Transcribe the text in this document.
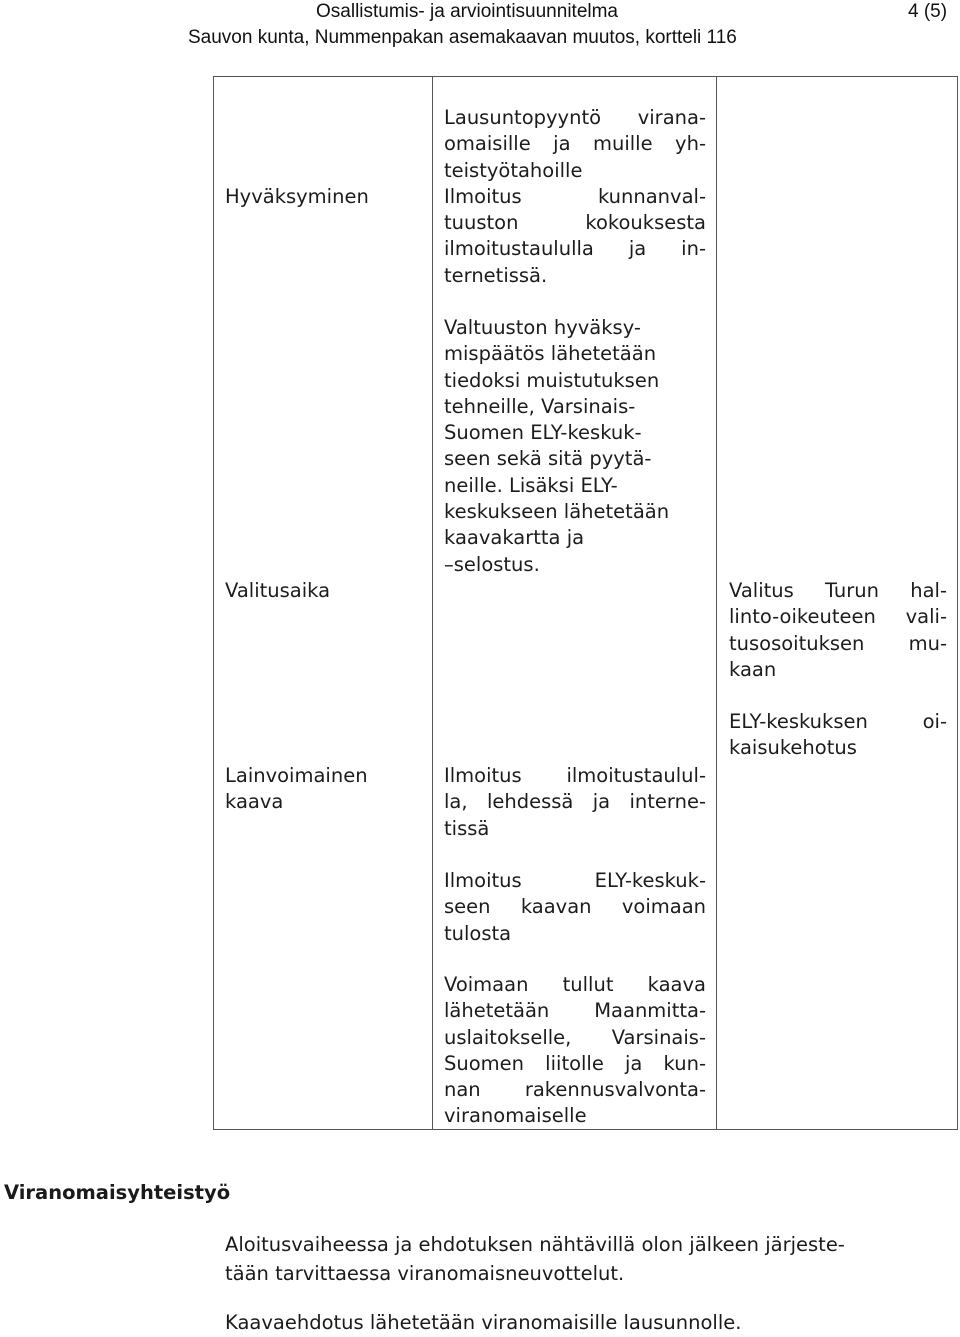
Osallistumis- ja arviointisuunnitelma
Sauvon kunta, Nummenpakan asemakaavan muutos, kortteli 116
4 (5)
Hyväksyminen
Valitusaika
Lainvoimainen
kaava
Lausuntopyyntö virana-
omaisille ja muille yh-
teistyötahoille
Ilmoitus kunnanval-
tuuston kokouksesta
ilmoitustaululla ja in-
ternetissä.
Valtuuston hyväksy-
mispäätös lähetetään
tiedoksi muistutuksen
tehneille, Varsinais-
Suomen ELY-keskuk-
seen sekä sitä pyytä-
neille. Lisäksi ELY-
keskukseen lähetetään
kaavakartta ja
–selostus.
Valitus Turun hal-
linto-oikeuteen vali-
tusosoituksen mu-
kaan
ELY-keskuksen oi-
kaisukehotus
Ilmoitus ilmoitustaulul-
la, lehdessä ja interne-
tissä
Ilmoitus ELY-keskuk-
seen kaavan voimaan
tulosta
Voimaan tullut kaava
lähetetään Maanmitta-
uslaitokselle, Varsinais-
Suomen liitolle ja kun-
nan rakennusvalvonta-
viranomaiselle
Viranomaisyhteistyö
Aloitusvaiheessa ja ehdotuksen nähtävillä olon jälkeen järjeste-
tään tarvittaessa viranomaisneuvottelut.
Kaavaehdotus lähetetään viranomaisille lausunnolle.
